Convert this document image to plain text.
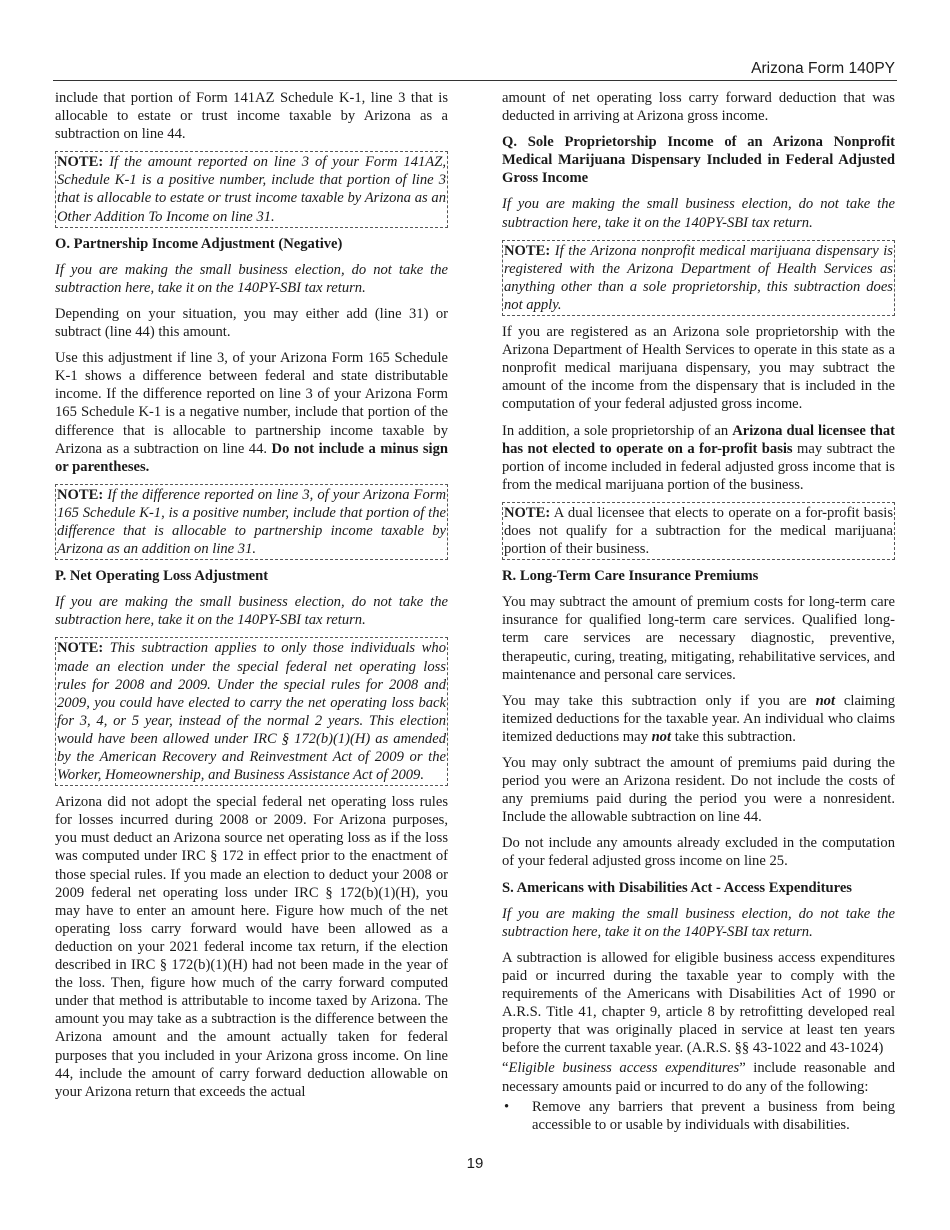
Arizona Form 140PY

include that portion of Form 141AZ Schedule K-1, line 3 that is allocable to estate or trust income taxable by Arizona as a subtraction on line 44.

NOTE: If the amount reported on line 3 of your Form 141AZ, Schedule K-1 is a positive number, include that portion of line 3 that is allocable to estate or trust income taxable by Arizona as an Other Addition To Income on line 31.

O. Partnership Income Adjustment (Negative)

If you are making the small business election, do not take the subtraction here, take it on the 140PY-SBI tax return.

Depending on your situation, you may either add (line 31) or subtract (line 44) this amount.

Use this adjustment if line 3, of your Arizona Form 165 Schedule K-1 shows a difference between federal and state distributable income. If the difference reported on line 3 of your Arizona Form 165 Schedule K-1 is a negative number, include that portion of the difference that is allocable to partnership income taxable by Arizona as a subtraction on line 44. Do not include a minus sign or parentheses.

NOTE: If the difference reported on line 3, of your Arizona Form 165 Schedule K-1, is a positive number, include that portion of the difference that is allocable to partnership income taxable by Arizona as an addition on line 31.

P. Net Operating Loss Adjustment

If you are making the small business election, do not take the subtraction here, take it on the 140PY-SBI tax return.

NOTE: This subtraction applies to only those individuals who made an election under the special federal net operating loss rules for 2008 and 2009. Under the special rules for 2008 and 2009, you could have elected to carry the net operating loss back for 3, 4, or 5 year, instead of the normal 2 years. This election would have been allowed under IRC § 172(b)(1)(H) as amended by the American Recovery and Reinvestment Act of 2009 or the Worker, Homeownership, and Business Assistance Act of 2009.

Arizona did not adopt the special federal net operating loss rules for losses incurred during 2008 or 2009. For Arizona purposes, you must deduct an Arizona source net operating loss as if the loss was computed under IRC § 172 in effect prior to the enactment of those special rules. If you made an election to deduct your 2008 or 2009 federal net operating loss under IRC § 172(b)(1)(H), you may have to enter an amount here. Figure how much of the net operating loss carry forward would have been allowed as a deduction on your 2021 federal income tax return, if the election described in IRC § 172(b)(1)(H) had not been made in the year of the loss. Then, figure how much of the carry forward computed under that method is attributable to income taxed by Arizona. The amount you may take as a subtraction is the difference between the Arizona amount and the amount actually taken for federal purposes that you included in your Arizona gross income. On line 44, include the amount of carry forward deduction allowable on your Arizona return that exceeds the actual

amount of net operating loss carry forward deduction that was deducted in arriving at Arizona gross income.

Q. Sole Proprietorship Income of an Arizona Nonprofit Medical Marijuana Dispensary Included in Federal Adjusted Gross Income

If you are making the small business election, do not take the subtraction here, take it on the 140PY-SBI tax return.

NOTE: If the Arizona nonprofit medical marijuana dispensary is registered with the Arizona Department of Health Services as anything other than a sole proprietorship, this subtraction does not apply.

If you are registered as an Arizona sole proprietorship with the Arizona Department of Health Services to operate in this state as a nonprofit medical marijuana dispensary, you may subtract the amount of the income from the dispensary that is included in the computation of your federal adjusted gross income.

In addition, a sole proprietorship of an Arizona dual licensee that has not elected to operate on a for-profit basis may subtract the portion of income included in federal adjusted gross income that is from the medical marijuana portion of the business.

NOTE: A dual licensee that elects to operate on a for-profit basis does not qualify for a subtraction for the medical marijuana portion of their business.

R. Long-Term Care Insurance Premiums

You may subtract the amount of premium costs for long-term care insurance for qualified long-term care services. Qualified long-term care services are necessary diagnostic, preventive, therapeutic, curing, treating, mitigating, rehabilitative services, and maintenance and personal care services.

You may take this subtraction only if you are not claiming itemized deductions for the taxable year. An individual who claims itemized deductions may not take this subtraction.

You may only subtract the amount of premiums paid during the period you were an Arizona resident. Do not include the costs of any premiums paid during the period you were a nonresident. Include the allowable subtraction on line 44.

Do not include any amounts already excluded in the computation of your federal adjusted gross income on line 25.

S. Americans with Disabilities Act - Access Expenditures

If you are making the small business election, do not take the subtraction here, take it on the 140PY-SBI tax return.

A subtraction is allowed for eligible business access expenditures paid or incurred during the taxable year to comply with the requirements of the Americans with Disabilities Act of 1990 or A.R.S. Title 41, chapter 9, article 8 by retrofitting developed real property that was originally placed in service at least ten years before the current taxable year. (A.R.S. §§ 43-1022 and 43-1024)

“Eligible business access expenditures” include reasonable and necessary amounts paid or incurred to do any of the following:

•	Remove any barriers that prevent a business from being accessible to or usable by individuals with disabilities.
19
